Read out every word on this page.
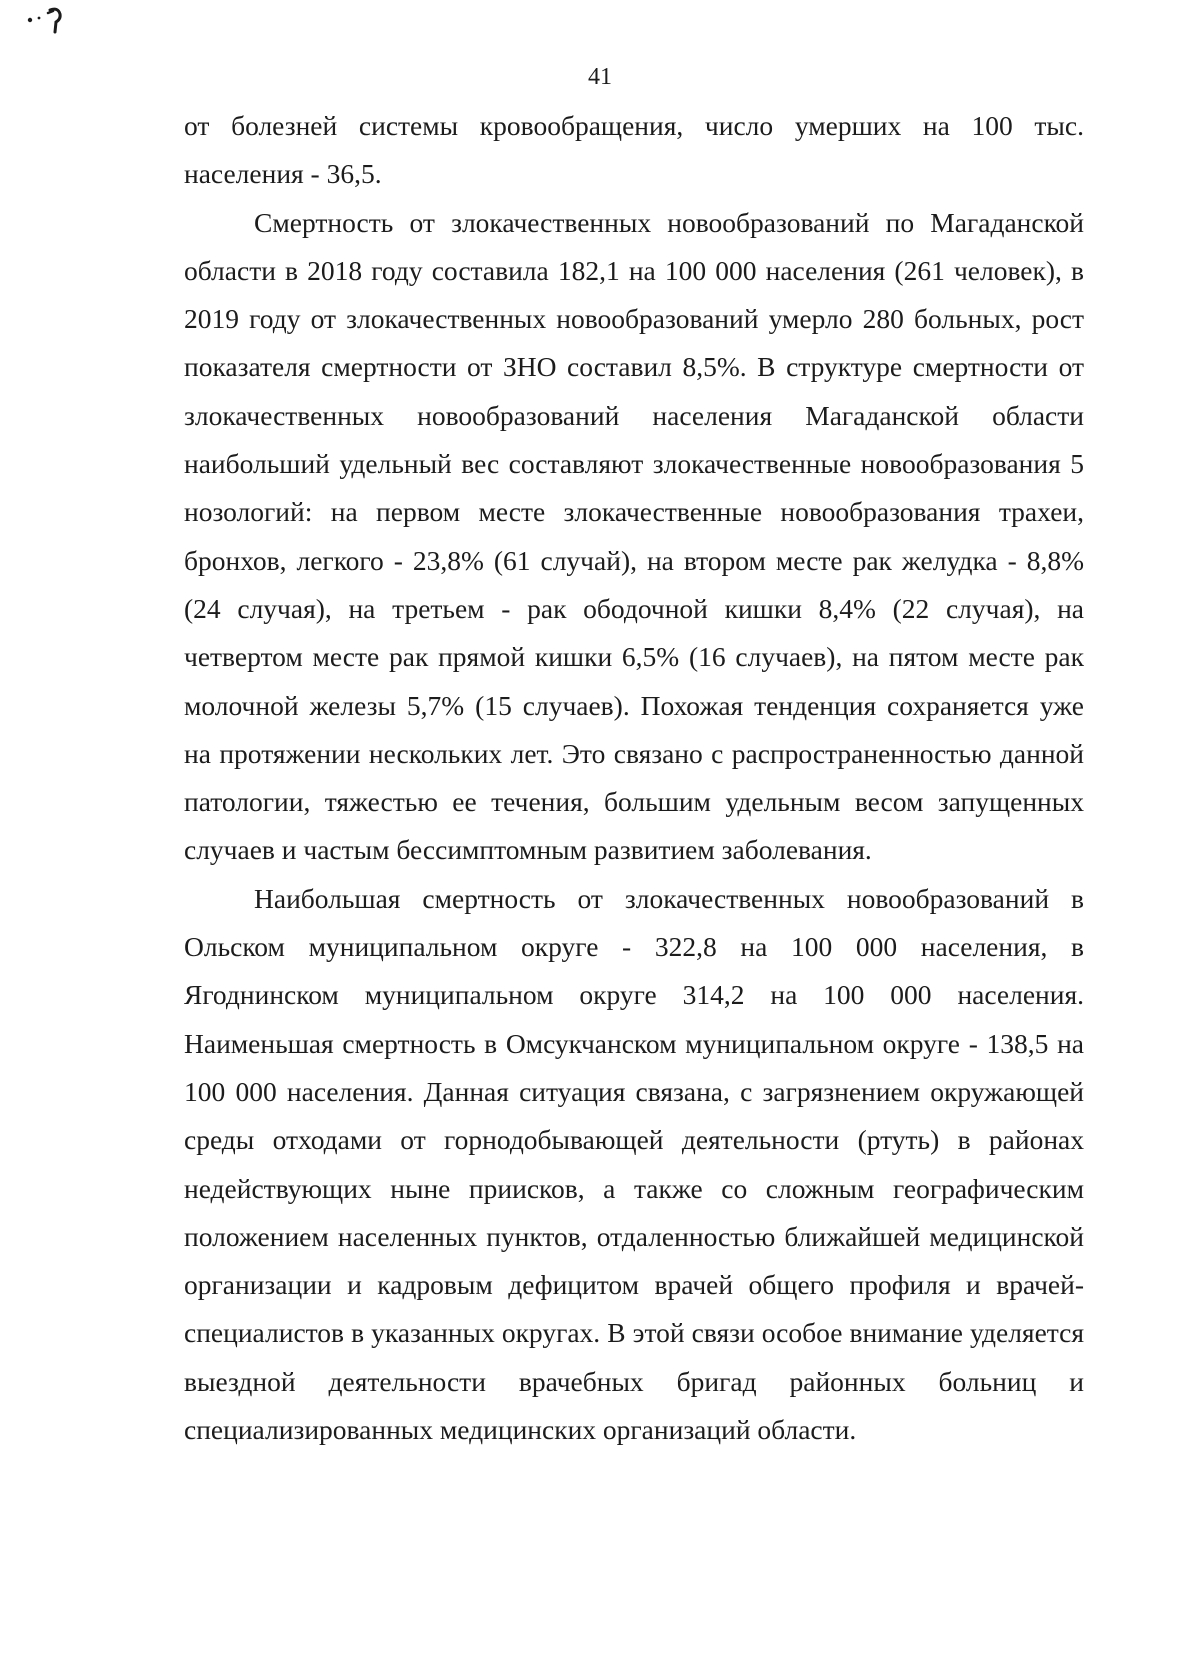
41

от болезней системы кровообращения, число умерших на 100 тыс. населения - 36,5.

Смертность от злокачественных новообразований по Магаданской области в 2018 году составила 182,1 на 100 000 населения (261 человек), в 2019 году от злокачественных новообразований умерло 280 больных, рост показателя смертности от ЗНО составил 8,5%. В структуре смертности от злокачественных новообразований населения Магаданской области наибольший удельный вес составляют злокачественные новообразования 5 нозологий: на первом месте злокачественные новообразования трахеи, бронхов, легкого - 23,8% (61 случай), на втором месте рак желудка - 8,8% (24 случая), на третьем - рак ободочной кишки 8,4% (22 случая), на четвертом месте рак прямой кишки 6,5% (16 случаев), на пятом месте рак молочной железы 5,7% (15 случаев). Похожая тенденция сохраняется уже на протяжении нескольких лет. Это связано с распространенностью данной патологии, тяжестью ее течения, большим удельным весом запущенных случаев и частым бессимптомным развитием заболевания.

Наибольшая смертность от злокачественных новообразований в Ольском муниципальном округе - 322,8 на 100 000 населения, в Ягоднинском муниципальном округе 314,2 на 100 000 населения. Наименьшая смертность в Омсукчанском муниципальном округе - 138,5 на 100 000 населения. Данная ситуация связана, с загрязнением окружающей среды отходами от горнодобывающей деятельности (ртуть) в районах недействующих ныне приисков, а также со сложным географическим положением населенных пунктов, отдаленностью ближайшей медицинской организации и кадровым дефицитом врачей общего профиля и врачей-специалистов в указанных округах. В этой связи особое внимание уделяется выездной деятельности врачебных бригад районных больниц и специализированных медицинских организаций области.
